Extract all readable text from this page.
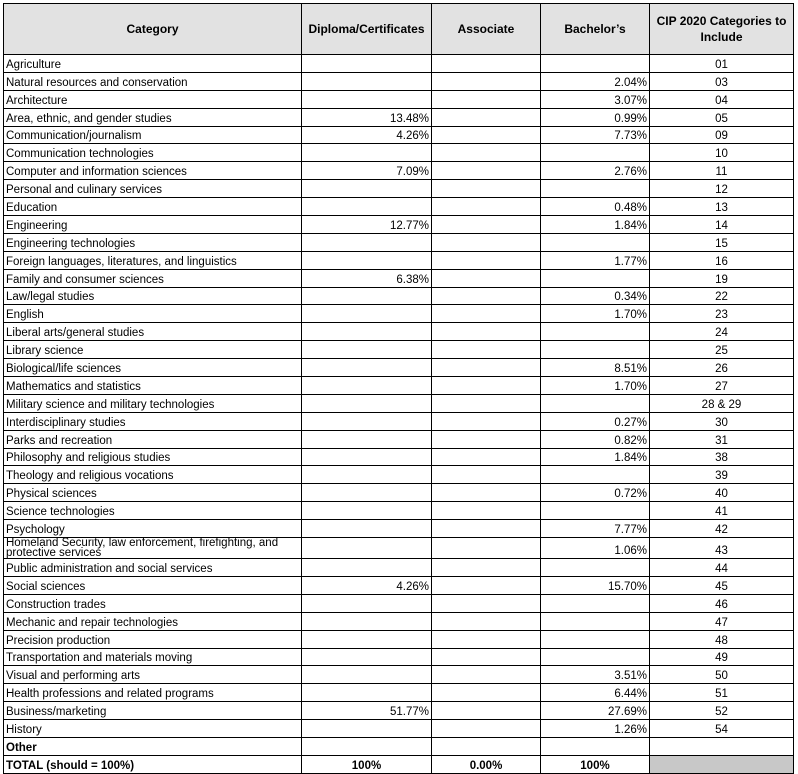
Category	Diploma/Certificates	Associate	Bachelor’s	CIP 2020 Categories to Include
Agriculture				01
Natural resources and conservation			2.04%	03
Architecture			3.07%	04
Area, ethnic, and gender studies	13.48%		0.99%	05
Communication/journalism	4.26%		7.73%	09
Communication technologies				10
Computer and information sciences	7.09%		2.76%	11
Personal and culinary services				12
Education			0.48%	13
Engineering	12.77%		1.84%	14
Engineering technologies				15
Foreign languages, literatures, and linguistics			1.77%	16
Family and consumer sciences	6.38%			19
Law/legal studies			0.34%	22
English			1.70%	23
Liberal arts/general studies				24
Library science				25
Biological/life sciences			8.51%	26
Mathematics and statistics			1.70%	27
Military science and military technologies				28 & 29
Interdisciplinary studies			0.27%	30
Parks and recreation			0.82%	31
Philosophy and religious studies			1.84%	38
Theology and religious vocations				39
Physical sciences			0.72%	40
Science technologies				41
Psychology			7.77%	42
Homeland Security, law enforcement, firefighting, and protective services			1.06%	43
Public administration and social services				44
Social sciences	4.26%		15.70%	45
Construction trades				46
Mechanic and repair technologies				47
Precision production				48
Transportation and materials moving				49
Visual and performing arts			3.51%	50
Health professions and related programs			6.44%	51
Business/marketing	51.77%		27.69%	52
History			1.26%	54
Other				
TOTAL (should = 100%)	100%	0.00%	100%	
